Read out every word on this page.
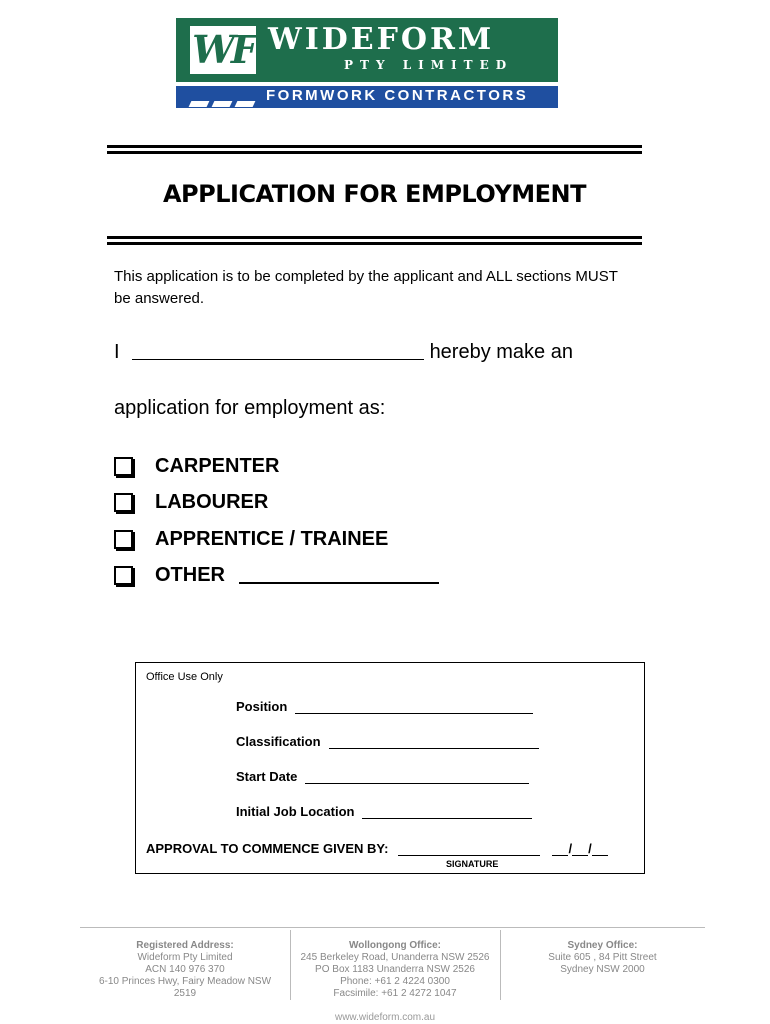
WF WIDEFORM
PTY LIMITED
FORMWORK CONTRACTORS
APPLICATION FOR EMPLOYMENT
This application is to be completed by the applicant and ALL sections MUST be answered.
I	hereby make an
application for employment as:
CARPENTER
LABOURER
APPRENTICE / TRAINEE
OTHER
Office Use Only
Position
Classification
Start Date
Initial Job Location
APPROVAL TO COMMENCE GIVEN BY:	/ /
SIGNATURE
Registered Address:
Wideform Pty Limited
ACN 140 976 370
6-10 Princes Hwy, Fairy Meadow NSW
2519
Wollongong Office:
245 Berkeley Road, Unanderra NSW 2526
PO Box 1183 Unanderra NSW 2526
Phone: +61 2 4224 0300
Facsimile: +61 2 4272 1047
Sydney Office:
Suite 605 , 84 Pitt Street
Sydney NSW 2000
www.wideform.com.au
